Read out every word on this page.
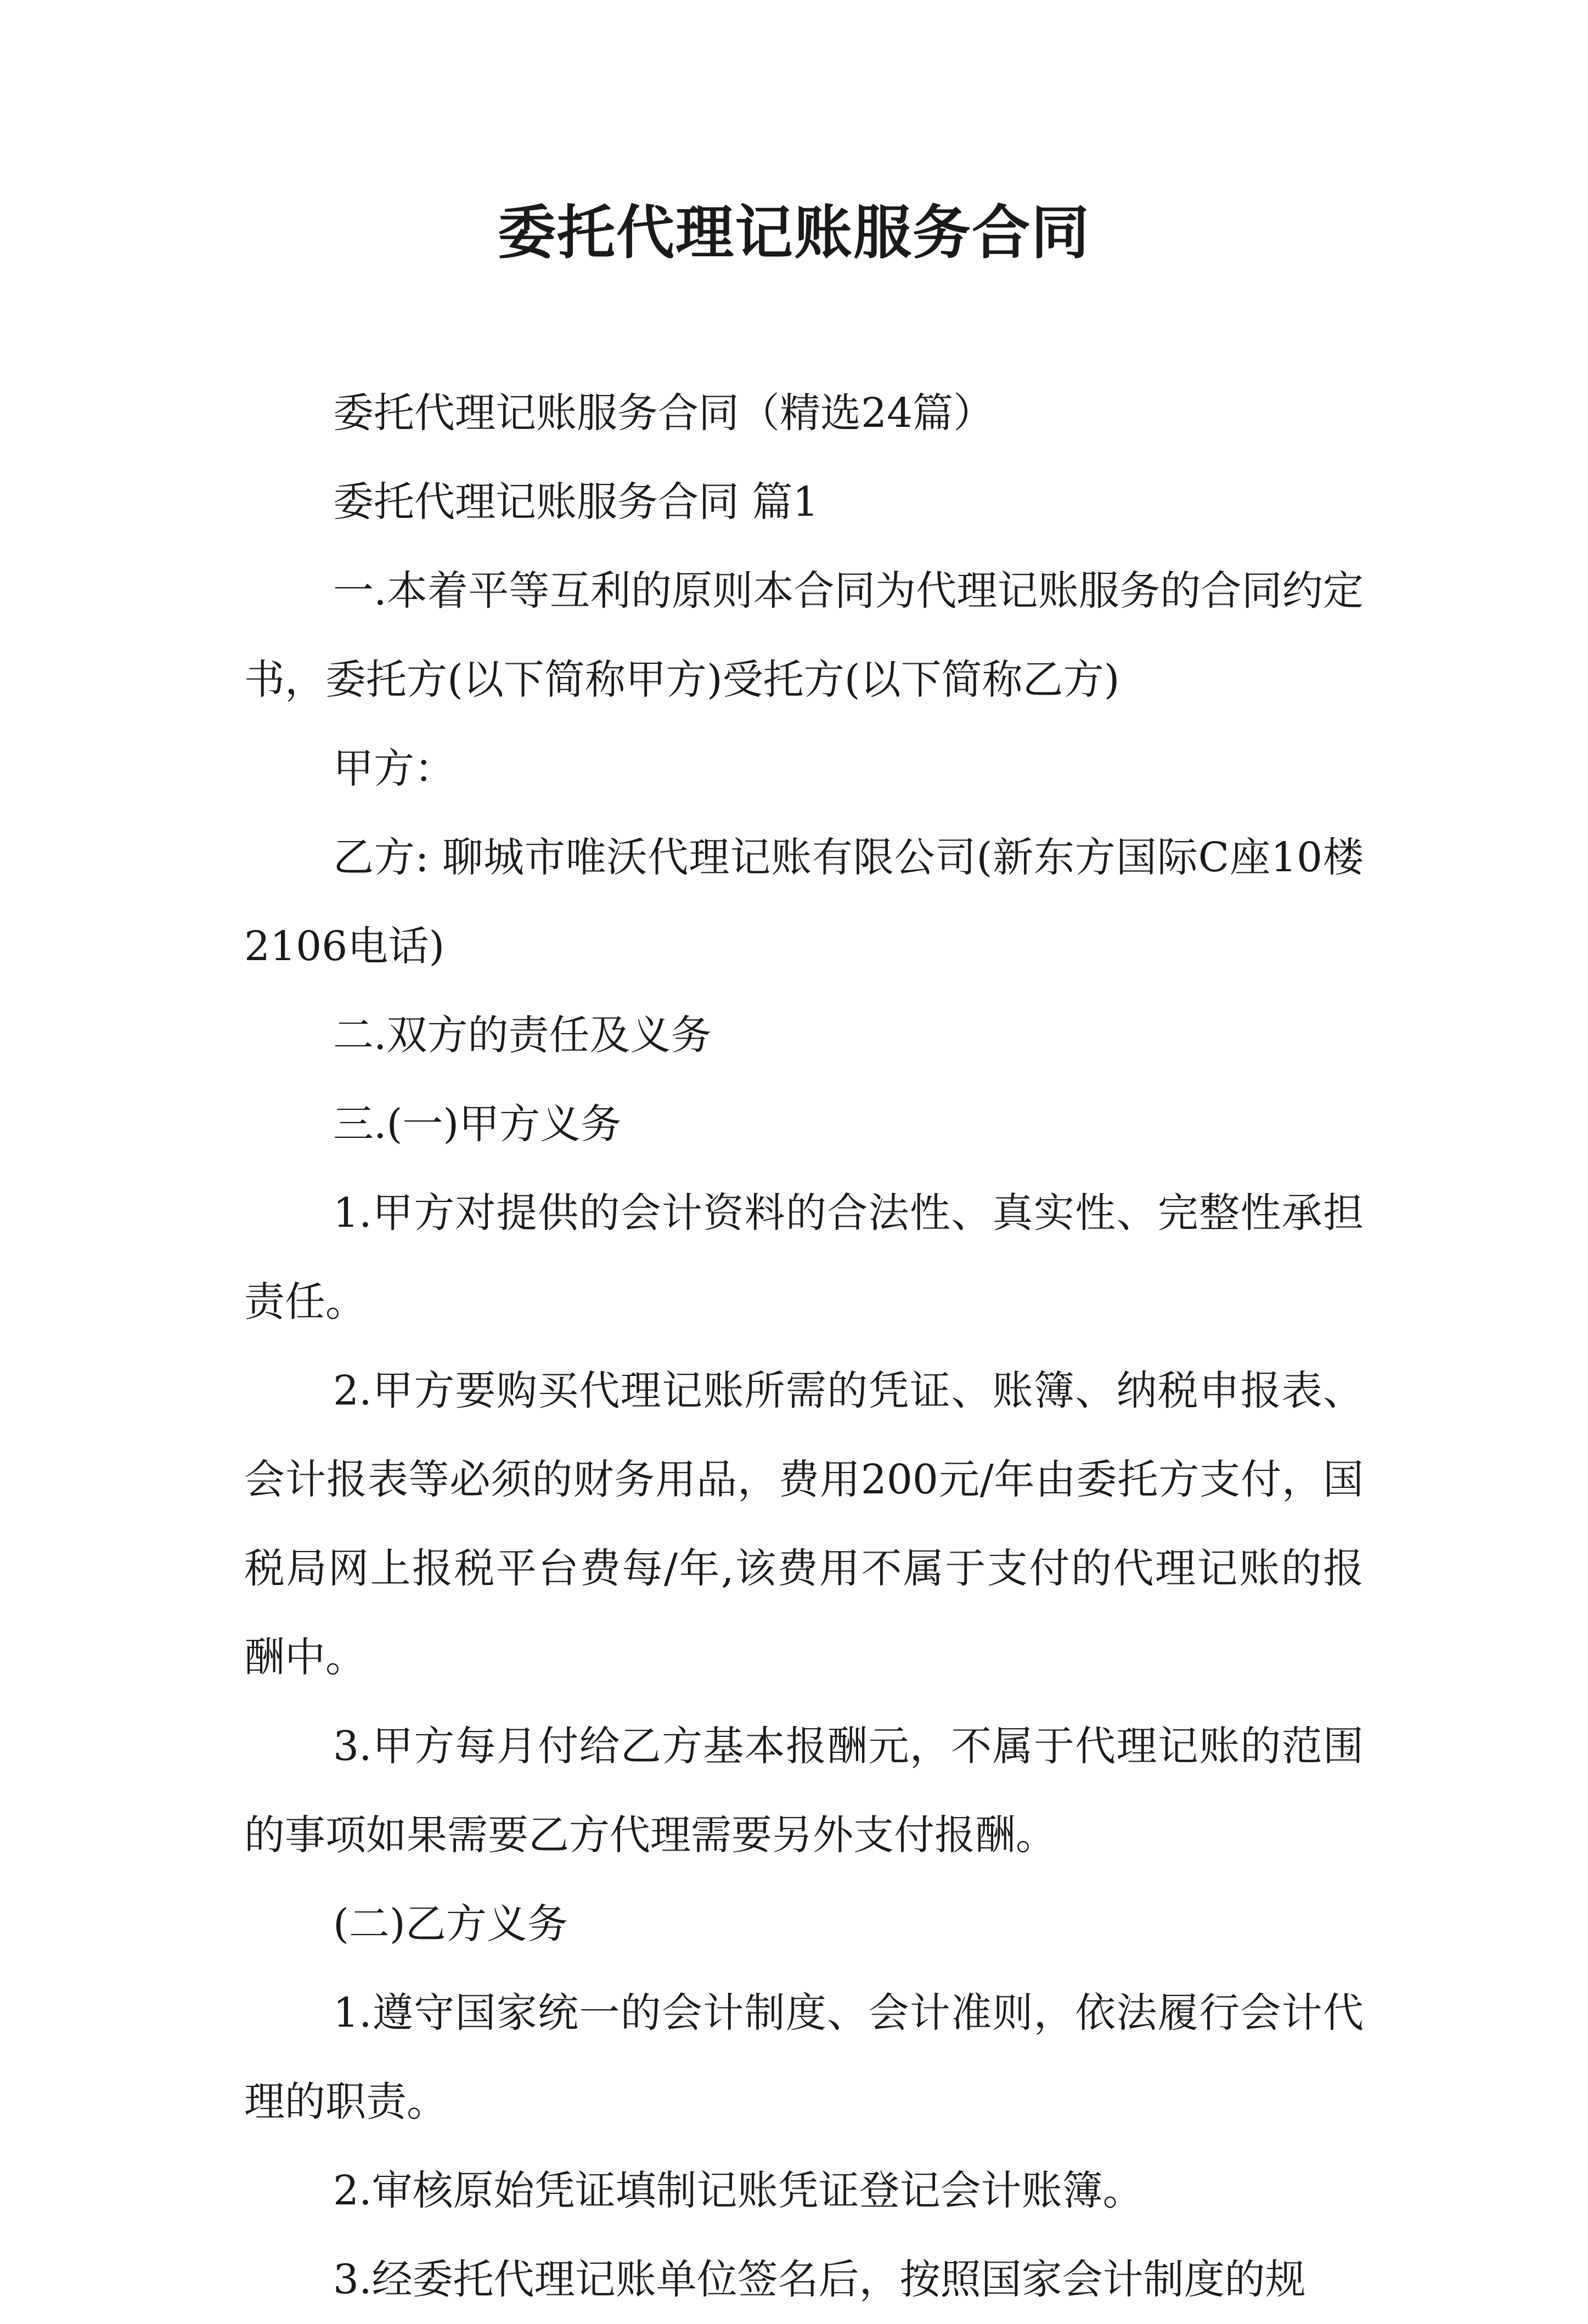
委托代理记账服务合同

委托代理记账服务合同（精选24篇）

委托代理记账服务合同 篇1

一.本着平等互利的原则本合同为代理记账服务的合同约定书，委托方(以下简称甲方)受托方(以下简称乙方)

甲方：

乙方: 聊城市唯沃代理记账有限公司(新东方国际C座10楼2106电话)

二.双方的责任及义务

三.(一)甲方义务

1.甲方对提供的会计资料的合法性、真实性、完整性承担责任。

2.甲方要购买代理记账所需的凭证、账簿、纳税申报表、会计报表等必须的财务用品，费用200元/年由委托方支付，国税局网上报税平台费每/年,该费用不属于支付的代理记账的报酬中。

3.甲方每月付给乙方基本报酬元，不属于代理记账的范围的事项如果需要乙方代理需要另外支付报酬。

(二)乙方义务

1.遵守国家统一的会计制度、会计准则，依法履行会计代理的职责。

2.审核原始凭证填制记账凭证登记会计账簿。

3.经委托代理记账单位签名后，按照国家会计制度的规
